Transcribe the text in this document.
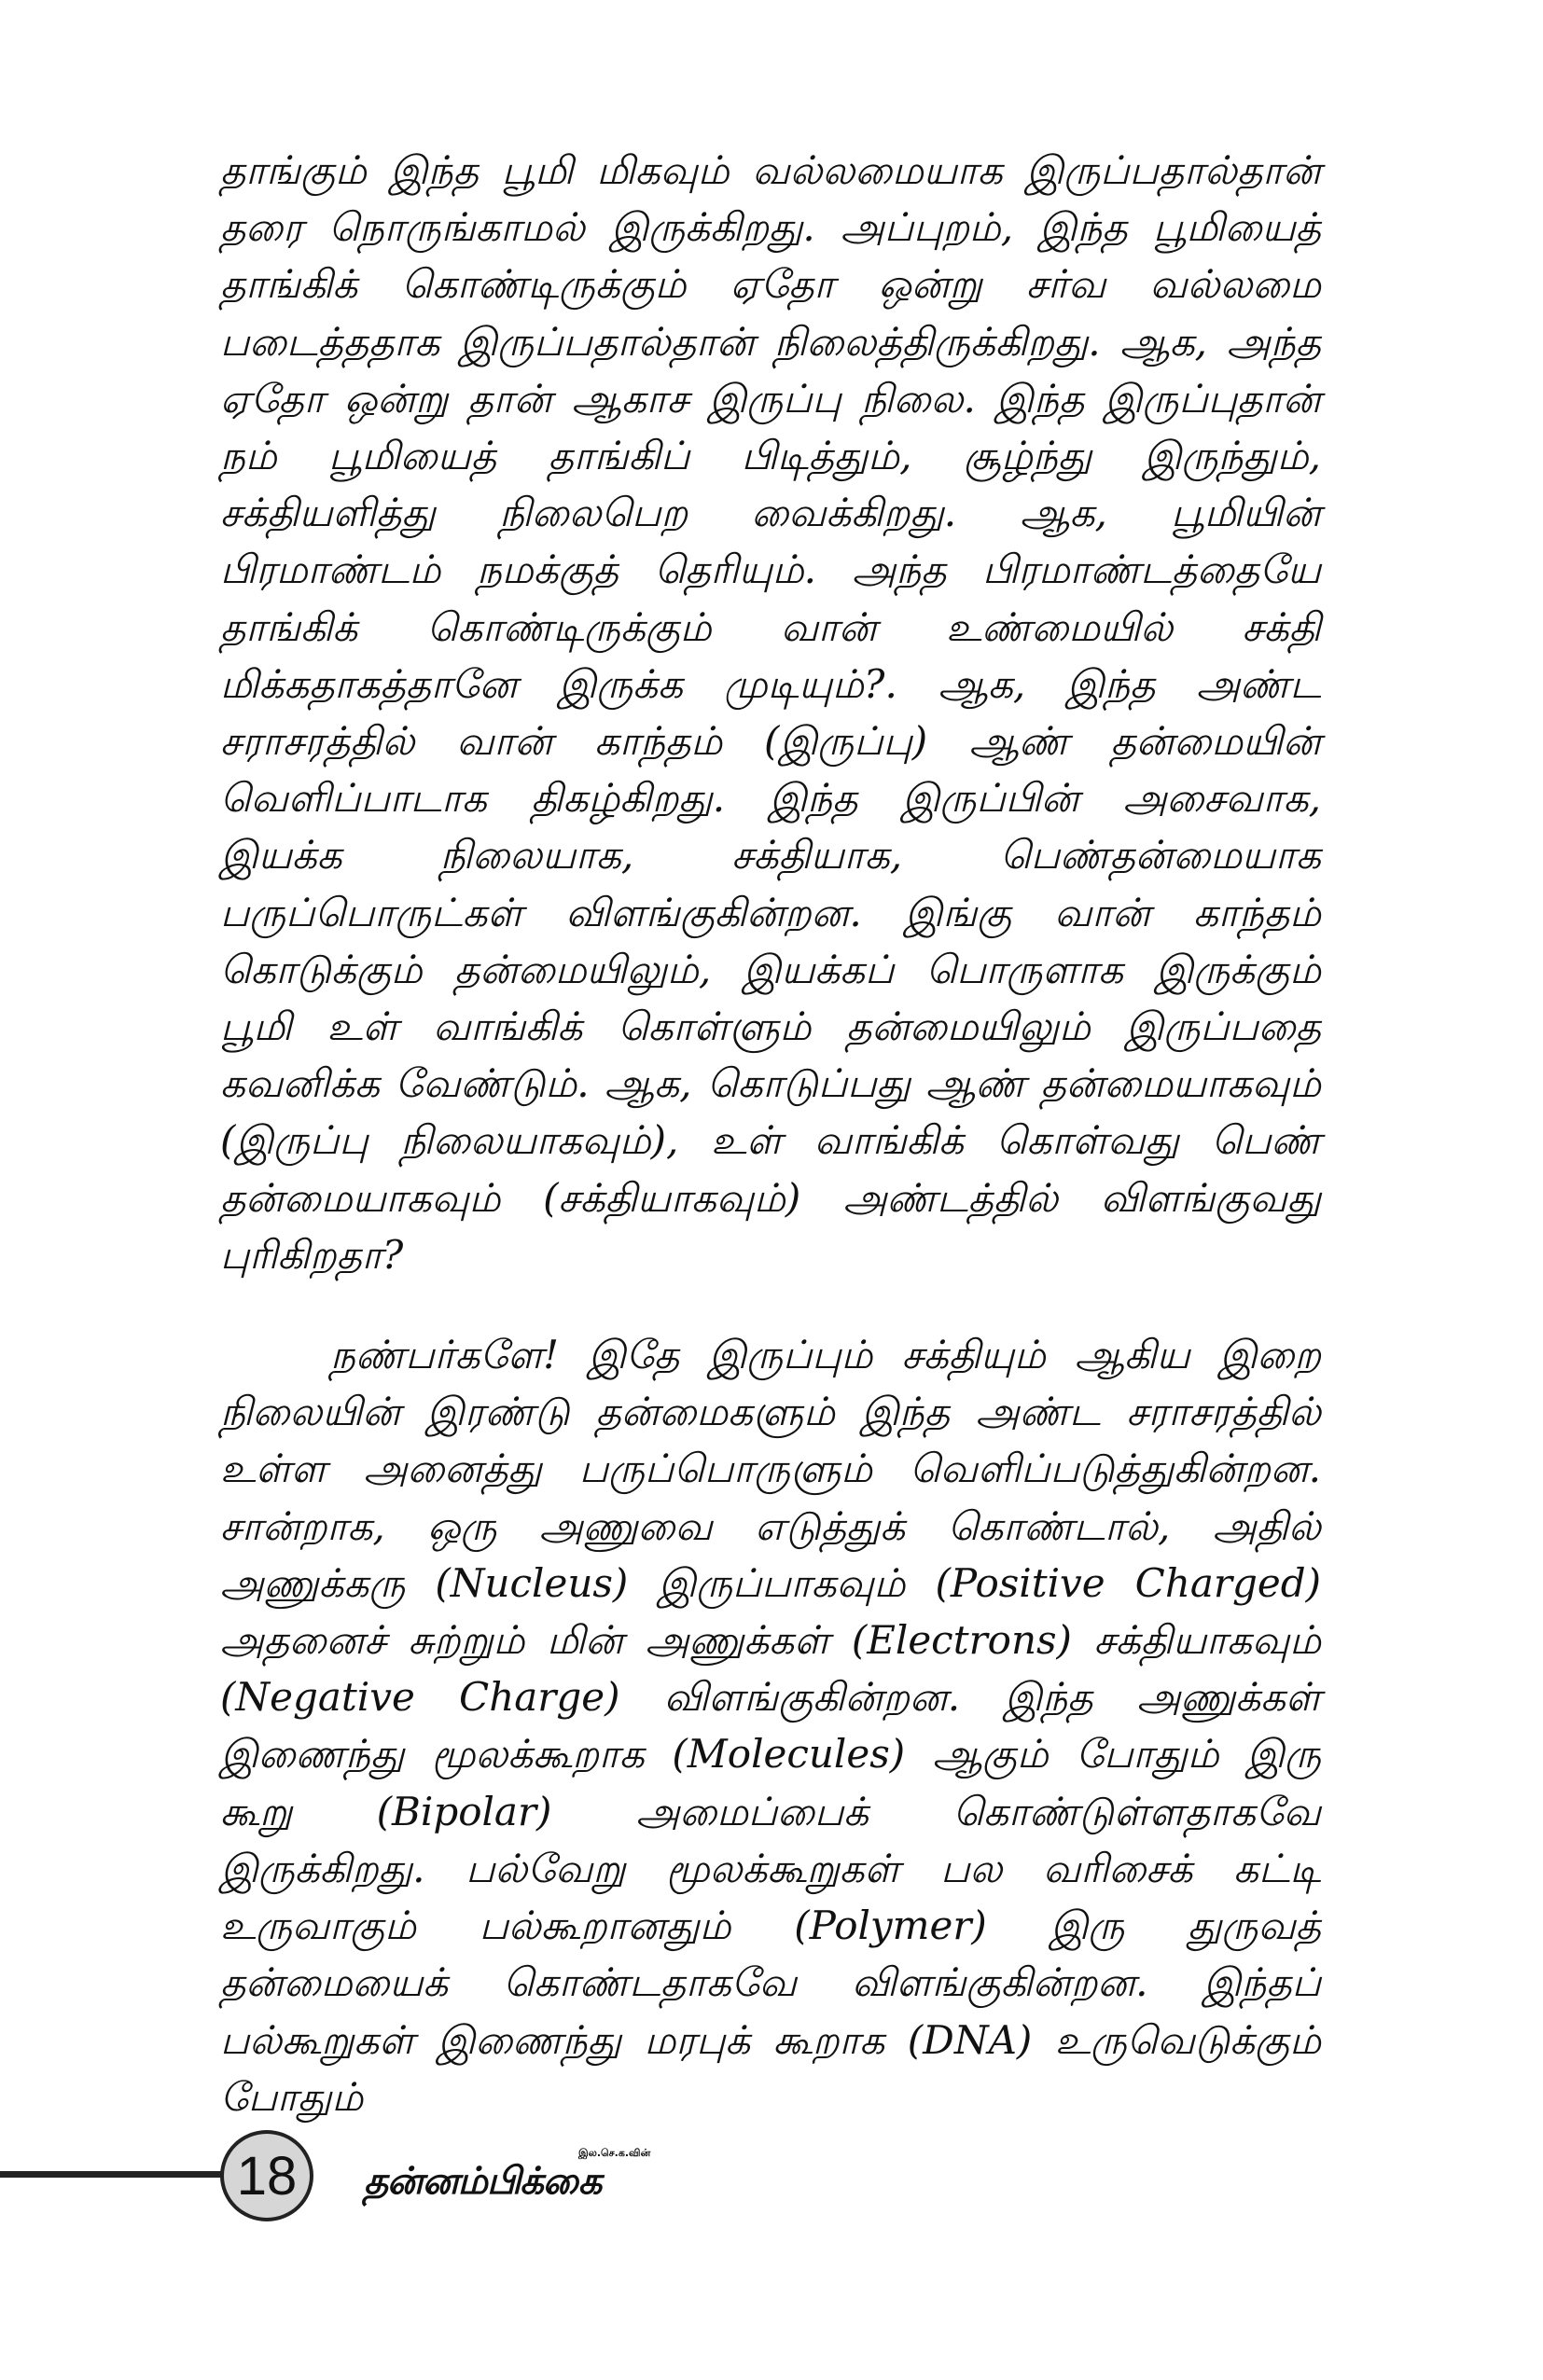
தாங்கும் இந்த பூமி மிகவும் வல்லமையாக இருப்பதால்தான் தரை நொருங்காமல் இருக்கிறது. அப்புறம், இந்த பூமியைத் தாங்கிக் கொண்டிருக்கும் ஏதோ ஒன்று சர்வ வல்லமை படைத்ததாக இருப்பதால்தான் நிலைத்திருக்கிறது. ஆக, அந்த ஏதோ ஒன்று தான் ஆகாச இருப்பு நிலை. இந்த இருப்புதான் நம் பூமியைத் தாங்கிப் பிடித்தும், சூழ்ந்து இருந்தும், சக்தியளித்து நிலைபெற வைக்கிறது. ஆக, பூமியின் பிரமாண்டம் நமக்குத் தெரியும். அந்த பிரமாண்டத்தையே தாங்கிக் கொண்டிருக்கும் வான் உண்மையில் சக்தி மிக்கதாகத்தானே இருக்க முடியும்?. ஆக, இந்த அண்ட சராசரத்தில் வான் காந்தம் (இருப்பு) ஆண் தன்மையின் வெளிப்பாடாக திகழ்கிறது. இந்த இருப்பின் அசைவாக, இயக்க நிலையாக, சக்தியாக, பெண்தன்மையாக பருப்பொருட்கள் விளங்குகின்றன. இங்கு வான் காந்தம் கொடுக்கும் தன்மையிலும், இயக்கப் பொருளாக இருக்கும் பூமி உள் வாங்கிக் கொள்ளும் தன்மையிலும் இருப்பதை கவனிக்க வேண்டும். ஆக, கொடுப்பது ஆண் தன்மையாகவும் (இருப்பு நிலையாகவும்), உள் வாங்கிக் கொள்வது பெண் தன்மையாகவும் (சக்தியாகவும்) அண்டத்தில் விளங்குவது புரிகிறதா?

நண்பர்களே! இதே இருப்பும் சக்தியும் ஆகிய இறை நிலையின் இரண்டு தன்மைகளும் இந்த அண்ட சராசரத்தில் உள்ள அனைத்து பருப்பொருளும் வெளிப்படுத்துகின்றன. சான்றாக, ஒரு அணுவை எடுத்துக் கொண்டால், அதில் அணுக்கரு (Nucleus) இருப்பாகவும் (Positive Charged) அதனைச் சுற்றும் மின் அணுக்கள் (Electrons) சக்தியாகவும் (Negative Charge) விளங்குகின்றன. இந்த அணுக்கள் இணைந்து மூலக்கூறாக (Molecules) ஆகும் போதும் இரு கூறு (Bipolar) அமைப்பைக் கொண்டுள்ளதாகவே இருக்கிறது. பல்வேறு மூலக்கூறுகள் பல வரிசைக் கட்டி உருவாகும் பல்கூறானதும் (Polymer) இரு துருவத் தன்மையைக் கொண்டதாகவே விளங்குகின்றன. இந்தப் பல்கூறுகள் இணைந்து மரபுக் கூறாக (DNA) உருவெடுக்கும் போதும்

18	இல.செ.க.வின்
தன்னம்பிக்கை
